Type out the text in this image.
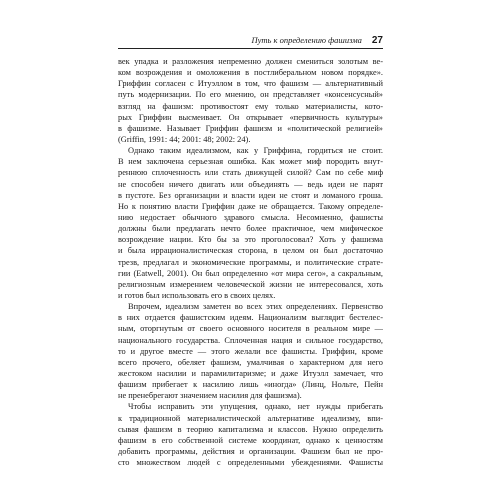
Путь к определению фашизма	27
век упадка и разложения непременно должен смениться золотым ве-
ком возрождения и омоложения в постлиберальном новом порядке».
Гриффин согласен с Итуэллом в том, что фашизм — альтернативный
путь модернизации. По его мнению, он представляет «консенсусный»
взгляд на фашизм: противостоят ему только материалисты, кото-
рых Гриффин высмеивает. Он открывает «первичность культуры»
в фашизме. Называет Гриффин фашизм и «политической религией»
(Griffin, 1991: 44; 2001: 48; 2002: 24).
Однако таким идеализмом, как у Гриффина, гордиться не стоит.
В нем заключена серьезная ошибка. Как может миф породить внут-
реннюю сплоченность или стать движущей силой? Сам по себе миф
не способен ничего двигать или объединять — ведь идеи не парят
в пустоте. Без организации и власти идеи не стоят и ломаного гроша.
Но к понятию власти Гриффин даже не обращается. Такому определе-
нию недостает обычного здравого смысла. Несомненно, фашисты
должны были предлагать нечто более практичное, чем мифическое
возрождение нации. Кто бы за это проголосовал? Хоть у фашизма
и была иррационалистическая сторона, в целом он был достаточно
трезв, предлагал и экономические программы, и политические страте-
гии (Eatwell, 2001). Он был определенно «от мира сего», а сакральным,
религиозным измерением человеческой жизни не интересовался, хоть
и готов был использовать его в своих целях.
Впрочем, идеализм заметен во всех этих определениях. Первенство
в них отдается фашистским идеям. Национализм выглядит бестелес-
ным, оторгнутым от своего основного носителя в реальном мире —
национального государства. Сплоченная нация и сильное государство,
то и другое вместе — этого желали все фашисты. Гриффин, кроме
всего прочего, обеляет фашизм, умалчивая о характерном для него
жестоком насилии и парамилитаризме; и даже Итуэлл замечает, что
фашизм прибегает к насилию лишь «иногда» (Линц, Нольте, Пейн
не пренебрегают значением насилия для фашизма).
Чтобы исправить эти упущения, однако, нет нужды прибегать
к традиционной материалистической альтернативе идеализму, впи-
сывая фашизм в теорию капитализма и классов. Нужно определить
фашизм в его собственной системе координат, однако к ценностям
добавить программы, действия и организации. Фашизм был не про-
сто множеством людей с определенными убеждениями. Фашисты
